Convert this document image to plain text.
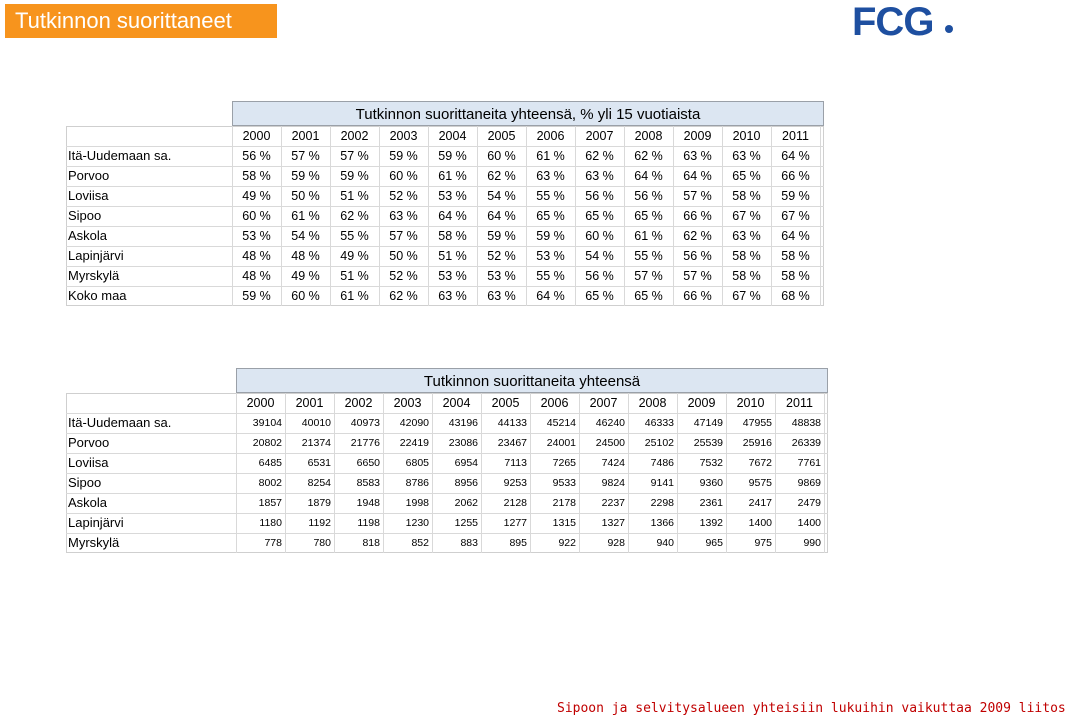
Tutkinnon suorittaneet	FCG
Tutkinnon suorittaneita yhteensä, % yli 15 vuotiaista
2000	2001	2002	2003	2004	2005	2006	2007	2008	2009	2010	2011
Itä-Uudemaan sa.	56 %	57 %	57 %	59 %	59 %	60 %	61 %	62 %	62 %	63 %	63 %	64 %
Porvoo	58 %	59 %	59 %	60 %	61 %	62 %	63 %	63 %	64 %	64 %	65 %	66 %
Loviisa	49 %	50 %	51 %	52 %	53 %	54 %	55 %	56 %	56 %	57 %	58 %	59 %
Sipoo	60 %	61 %	62 %	63 %	64 %	64 %	65 %	65 %	65 %	66 %	67 %	67 %
Askola	53 %	54 %	55 %	57 %	58 %	59 %	59 %	60 %	61 %	62 %	63 %	64 %
Lapinjärvi	48 %	48 %	49 %	50 %	51 %	52 %	53 %	54 %	55 %	56 %	58 %	58 %
Myrskylä	48 %	49 %	51 %	52 %	53 %	53 %	55 %	56 %	57 %	57 %	58 %	58 %
Koko maa	59 %	60 %	61 %	62 %	63 %	63 %	64 %	65 %	65 %	66 %	67 %	68 %
Tutkinnon suorittaneita yhteensä
2000	2001	2002	2003	2004	2005	2006	2007	2008	2009	2010	2011
Itä-Uudemaan sa.	39104	40010	40973	42090	43196	44133	45214	46240	46333	47149	47955	48838
Porvoo	20802	21374	21776	22419	23086	23467	24001	24500	25102	25539	25916	26339
Loviisa	6485	6531	6650	6805	6954	7113	7265	7424	7486	7532	7672	7761
Sipoo	8002	8254	8583	8786	8956	9253	9533	9824	9141	9360	9575	9869
Askola	1857	1879	1948	1998	2062	2128	2178	2237	2298	2361	2417	2479
Lapinjärvi	1180	1192	1198	1230	1255	1277	1315	1327	1366	1392	1400	1400
Myrskylä	778	780	818	852	883	895	922	928	940	965	975	990
Sipoon ja selvitysalueen yhteisiin lukuihin vaikuttaa 2009 liitos
